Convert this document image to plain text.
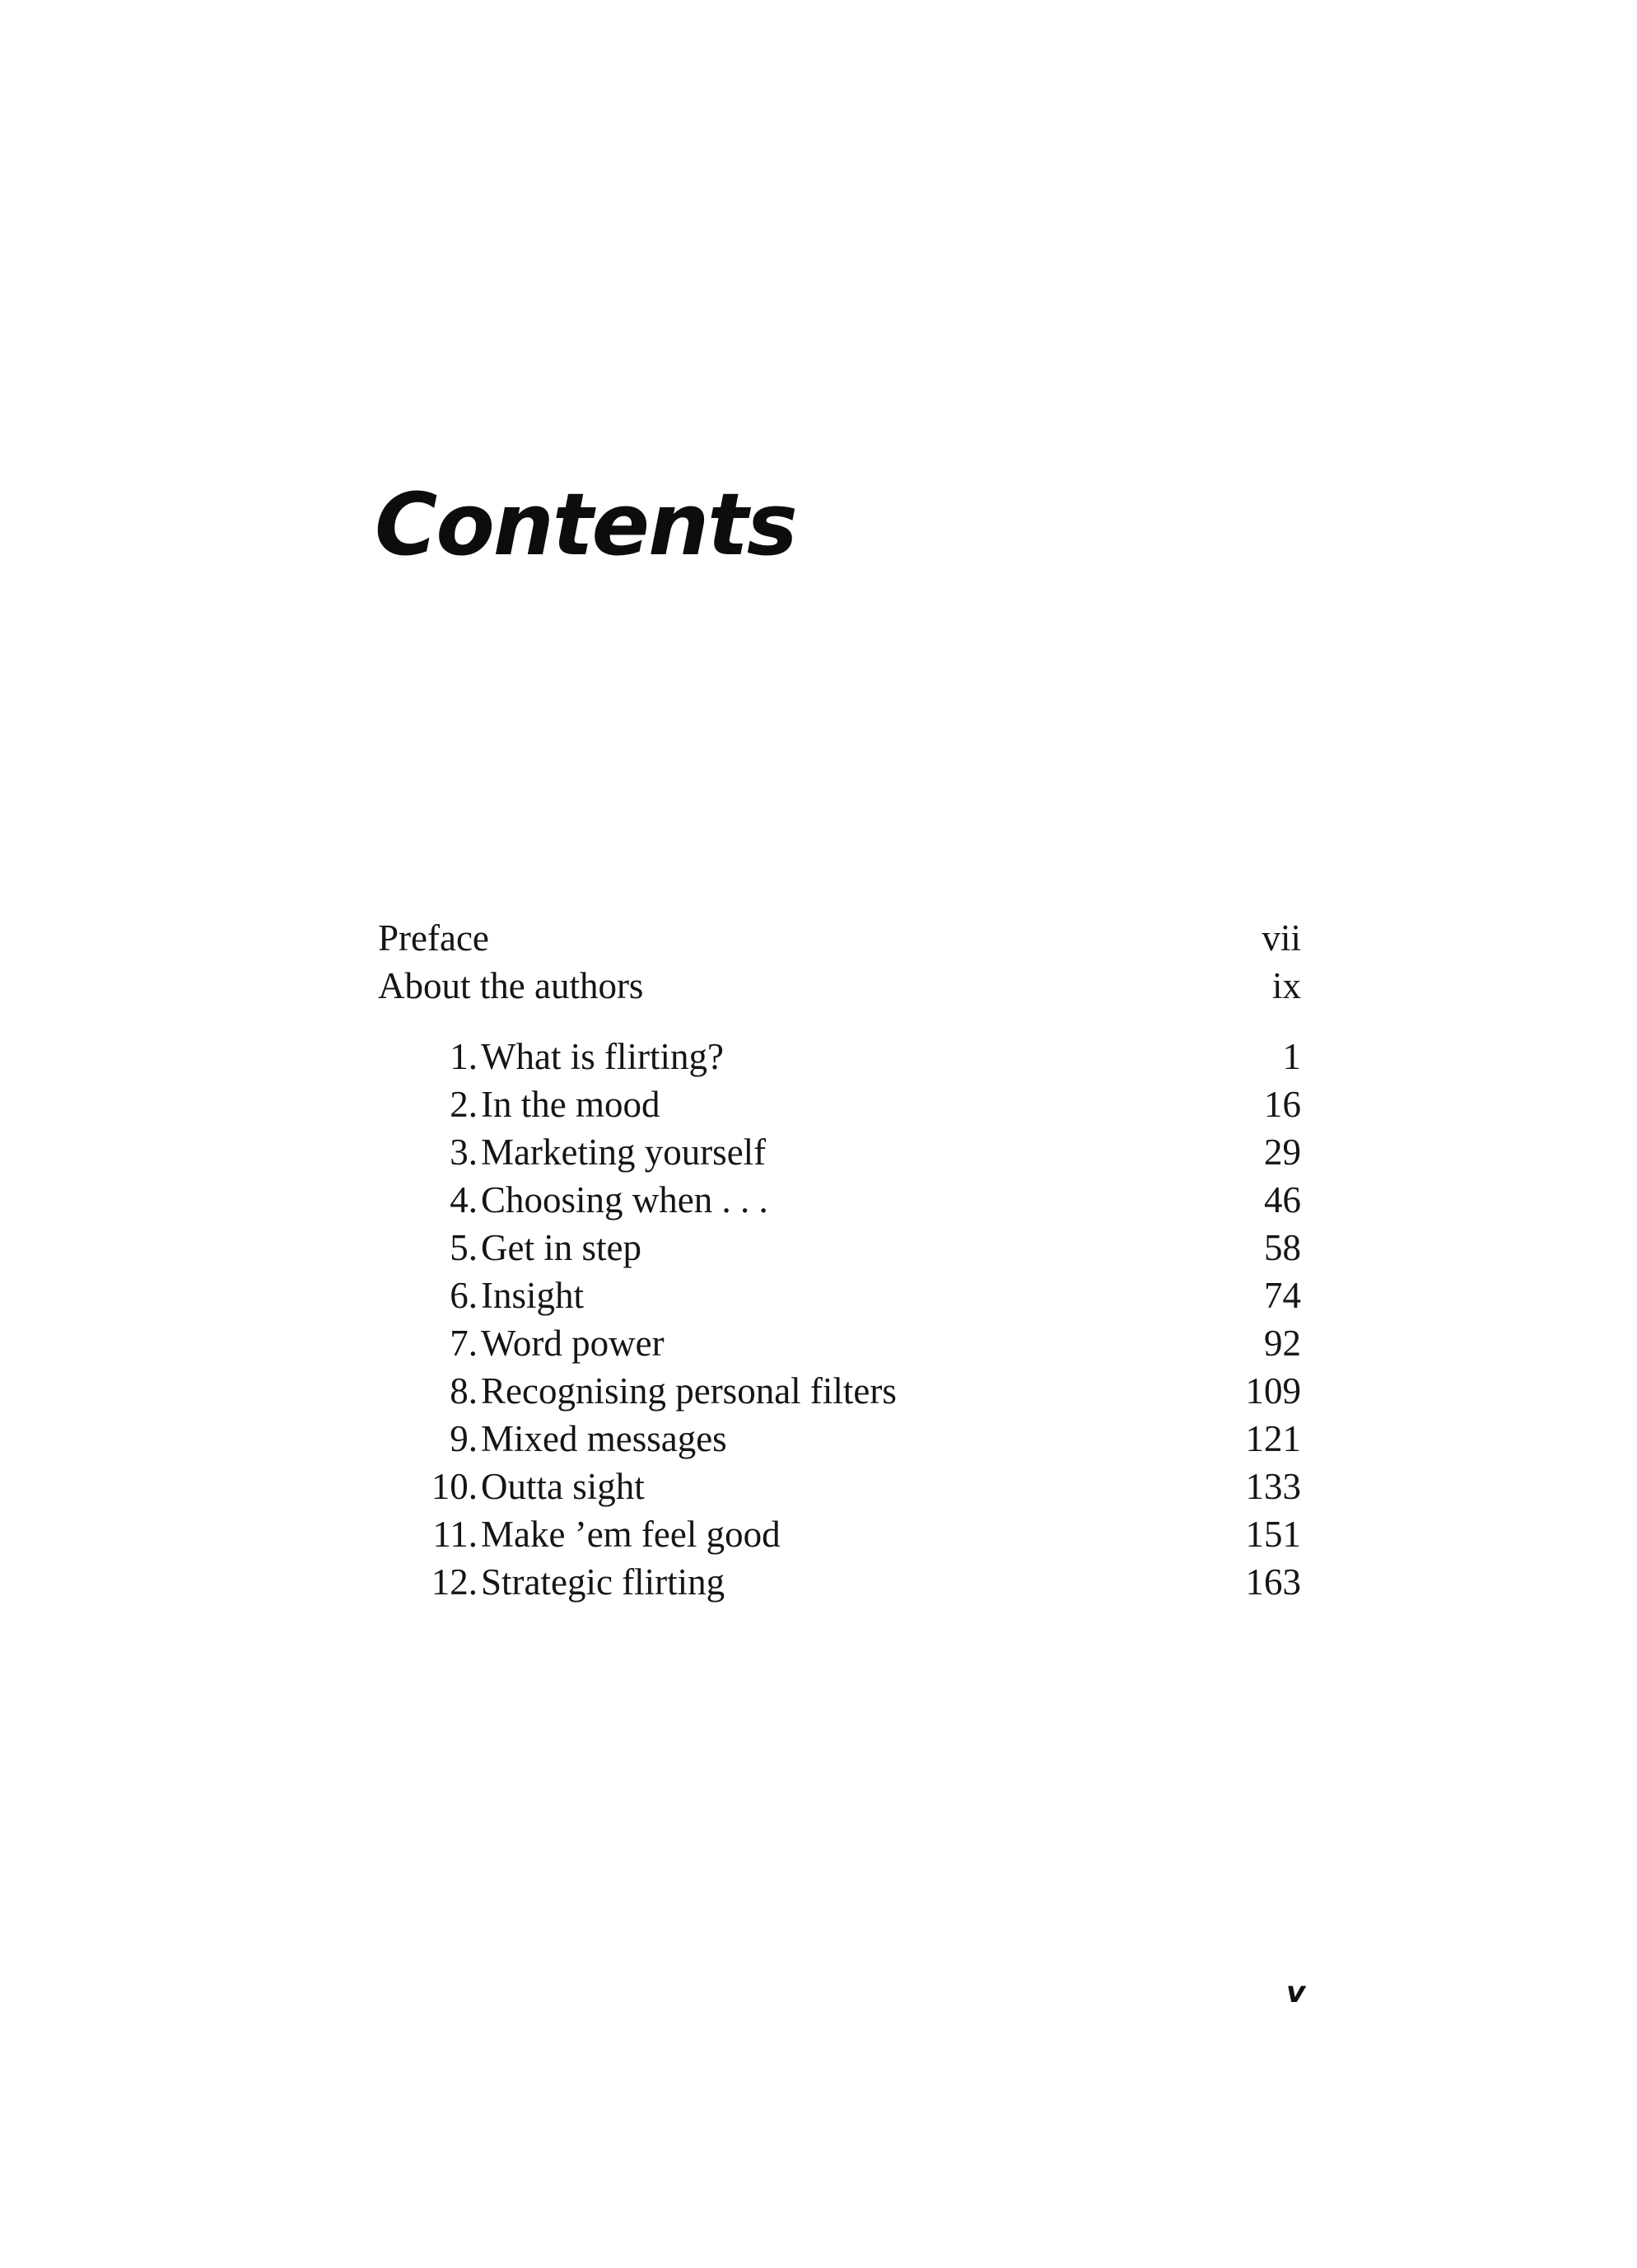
Contents
Preface	vii
About the authors	ix
1. What is flirting?	1
2. In the mood	16
3. Marketing yourself	29
4. Choosing when . . .	46
5. Get in step	58
6. Insight	74
7. Word power	92
8. Recognising personal filters	109
9. Mixed messages	121
10. Outta sight	133
11. Make ’em feel good	151
12. Strategic flirting	163
v
